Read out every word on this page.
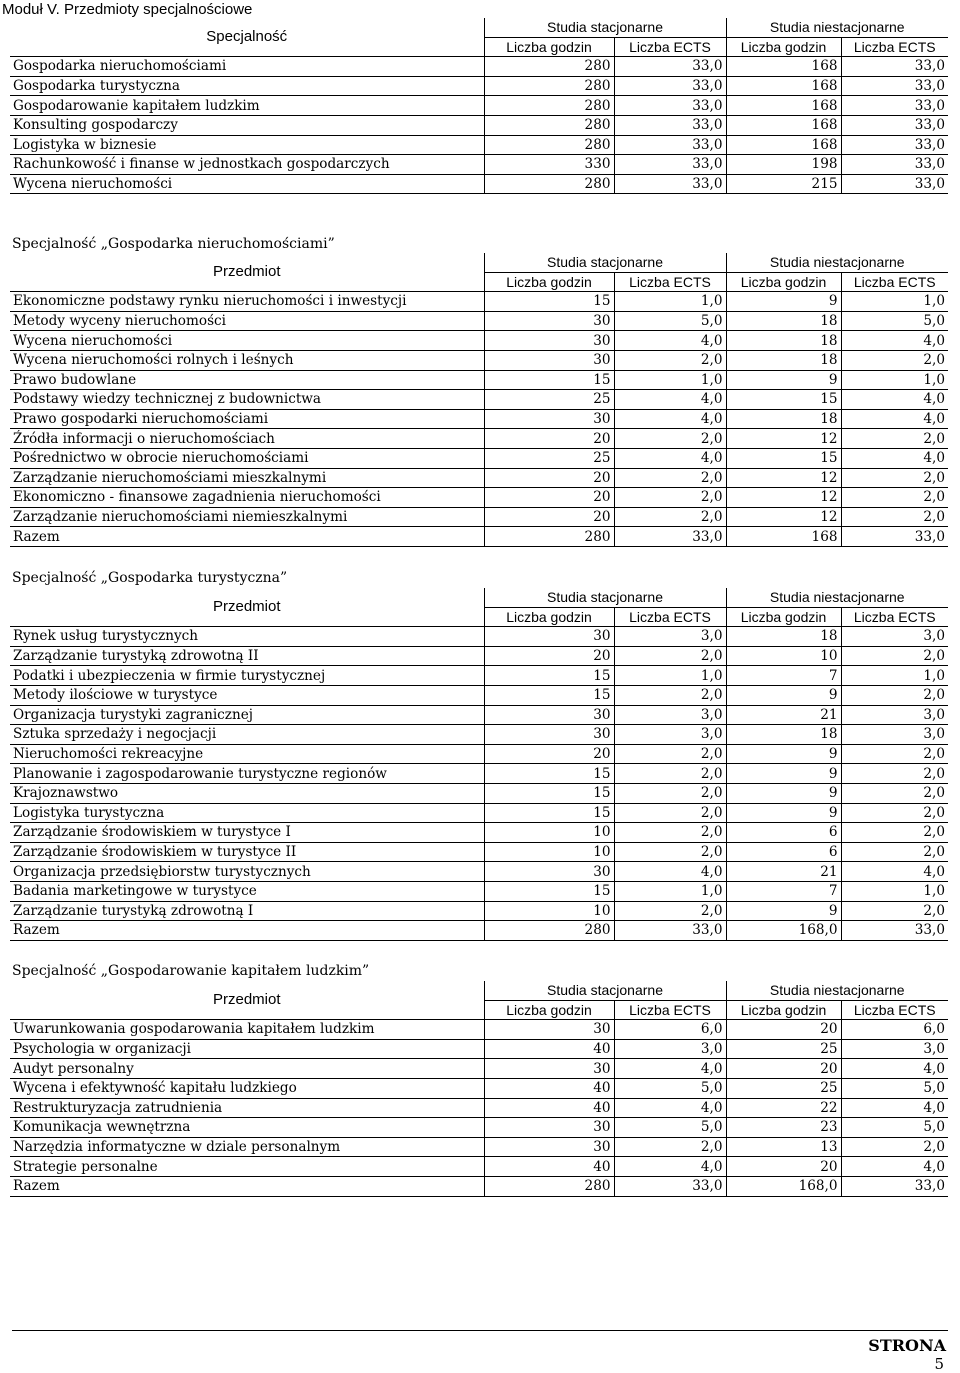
Moduł V. Przedmioty specjalnościowe
Specjalność	Studia stacjonarne		Studia niestacjonarne	
	Liczba godzin	Liczba ECTS	Liczba godzin	Liczba ECTS
Gospodarka nieruchomościami	280	33,0	168	33,0
Gospodarka turystyczna	280	33,0	168	33,0
Gospodarowanie kapitałem ludzkim	280	33,0	168	33,0
Konsulting gospodarczy	280	33,0	168	33,0
Logistyka w biznesie	280	33,0	168	33,0
Rachunkowość i finanse w jednostkach gospodarczych	330	33,0	198	33,0
Wycena nieruchomości	280	33,0	215	33,0
Specjalność „Gospodarka nieruchomościami”
Przedmiot	Studia stacjonarne		Studia niestacjonarne	
	Liczba godzin	Liczba ECTS	Liczba godzin	Liczba ECTS
Ekonomiczne podstawy rynku nieruchomości i inwestycji	15	1,0	9	1,0
Metody wyceny nieruchomości	30	5,0	18	5,0
Wycena nieruchomości	30	4,0	18	4,0
Wycena nieruchomości rolnych i leśnych	30	2,0	18	2,0
Prawo budowlane	15	1,0	9	1,0
Podstawy wiedzy technicznej z budownictwa	25	4,0	15	4,0
Prawo gospodarki nieruchomościami	30	4,0	18	4,0
Źródła informacji o nieruchomościach	20	2,0	12	2,0
Pośrednictwo w obrocie nieruchomościami	25	4,0	15	4,0
Zarządzanie nieruchomościami mieszkalnymi	20	2,0	12	2,0
Ekonomiczno - finansowe zagadnienia nieruchomości	20	2,0	12	2,0
Zarządzanie nieruchomościami niemieszkalnymi	20	2,0	12	2,0
Razem	280	33,0	168	33,0
Specjalność „Gospodarka turystyczna”
Przedmiot	Studia stacjonarne		Studia niestacjonarne	
	Liczba godzin	Liczba ECTS	Liczba godzin	Liczba ECTS
Rynek usług turystycznych	30	3,0	18	3,0
Zarządzanie turystyką zdrowotną II	20	2,0	10	2,0
Podatki i ubezpieczenia w firmie turystycznej	15	1,0	7	1,0
Metody ilościowe w turystyce	15	2,0	9	2,0
Organizacja turystyki zagranicznej	30	3,0	21	3,0
Sztuka sprzedaży i negocjacji	30	3,0	18	3,0
Nieruchomości rekreacyjne	20	2,0	9	2,0
Planowanie i zagospodarowanie turystyczne regionów	15	2,0	9	2,0
Krajoznawstwo	15	2,0	9	2,0
Logistyka turystyczna	15	2,0	9	2,0
Zarządzanie środowiskiem w turystyce I	10	2,0	6	2,0
Zarządzanie środowiskiem w turystyce II	10	2,0	6	2,0
Organizacja przedsiębiorstw turystycznych	30	4,0	21	4,0
Badania marketingowe w turystyce	15	1,0	7	1,0
Zarządzanie turystyką zdrowotną I	10	2,0	9	2,0
Razem	280	33,0	168,0	33,0
Specjalność „Gospodarowanie kapitałem ludzkim”
Przedmiot	Studia stacjonarne		Studia niestacjonarne	
	Liczba godzin	Liczba ECTS	Liczba godzin	Liczba ECTS
Uwarunkowania gospodarowania kapitałem ludzkim	30	6,0	20	6,0
Psychologia w organizacji	40	3,0	25	3,0
Audyt personalny	30	4,0	20	4,0
Wycena i efektywność kapitału ludzkiego	40	5,0	25	5,0
Restrukturyzacja zatrudnienia	40	4,0	22	4,0
Komunikacja wewnętrzna	30	5,0	23	5,0
Narzędzia informatyczne w dziale personalnym	30	2,0	13	2,0
Strategie personalne	40	4,0	20	4,0
Razem	280	33,0	168,0	33,0
STRONA
5
